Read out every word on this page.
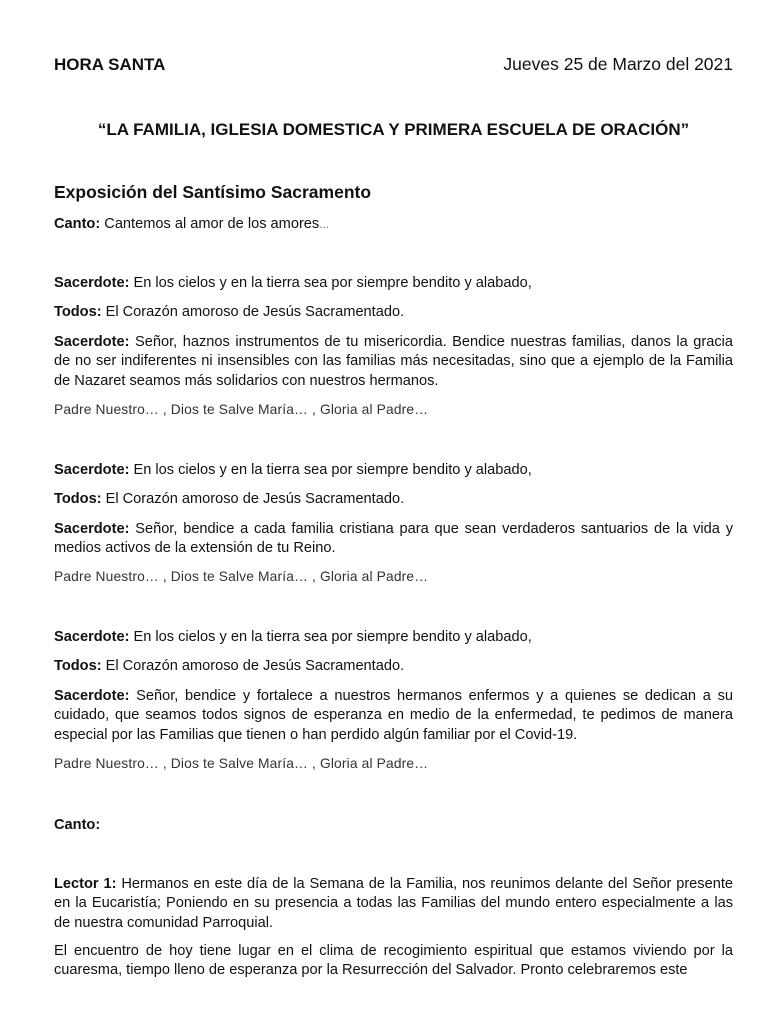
HORA SANTA	Jueves 25 de Marzo del 2021
“LA FAMILIA, IGLESIA DOMESTICA Y PRIMERA ESCUELA DE ORACIÓN”
Exposición del Santísimo Sacramento
Canto: Cantemos al amor de los amores...
Sacerdote: En los cielos y en la tierra sea por siempre bendito y alabado,
Todos: El Corazón amoroso de Jesús Sacramentado.
Sacerdote: Señor, haznos instrumentos de tu misericordia. Bendice nuestras familias, danos la gracia de no ser indiferentes ni insensibles con las familias más necesitadas, sino que a ejemplo de la Familia de Nazaret seamos más solidarios con nuestros hermanos.
Padre Nuestro… , Dios te Salve María… , Gloria al Padre…
Sacerdote: En los cielos y en la tierra sea por siempre bendito y alabado,
Todos: El Corazón amoroso de Jesús Sacramentado.
Sacerdote: Señor, bendice a cada familia cristiana para que sean verdaderos santuarios de la vida y medios activos de la extensión de tu Reino.
Padre Nuestro… , Dios te Salve María… , Gloria al Padre…
Sacerdote: En los cielos y en la tierra sea por siempre bendito y alabado,
Todos: El Corazón amoroso de Jesús Sacramentado.
Sacerdote: Señor, bendice y fortalece a nuestros hermanos enfermos y a quienes se dedican a su cuidado, que seamos todos signos de esperanza en medio de la enfermedad, te pedimos de manera especial por las Familias que tienen o han perdido algún familiar por el Covid-19.
Padre Nuestro… , Dios te Salve María… , Gloria al Padre…
Canto:
Lector 1: Hermanos en este día de la Semana de la Familia, nos reunimos delante del Señor presente en la Eucaristía; Poniendo en su presencia a todas las Familias del mundo entero especialmente a las de nuestra comunidad Parroquial.
El encuentro de hoy tiene lugar en el clima de recogimiento espiritual que estamos viviendo por la cuaresma, tiempo lleno de esperanza por la Resurrección del Salvador. Pronto celebraremos este
